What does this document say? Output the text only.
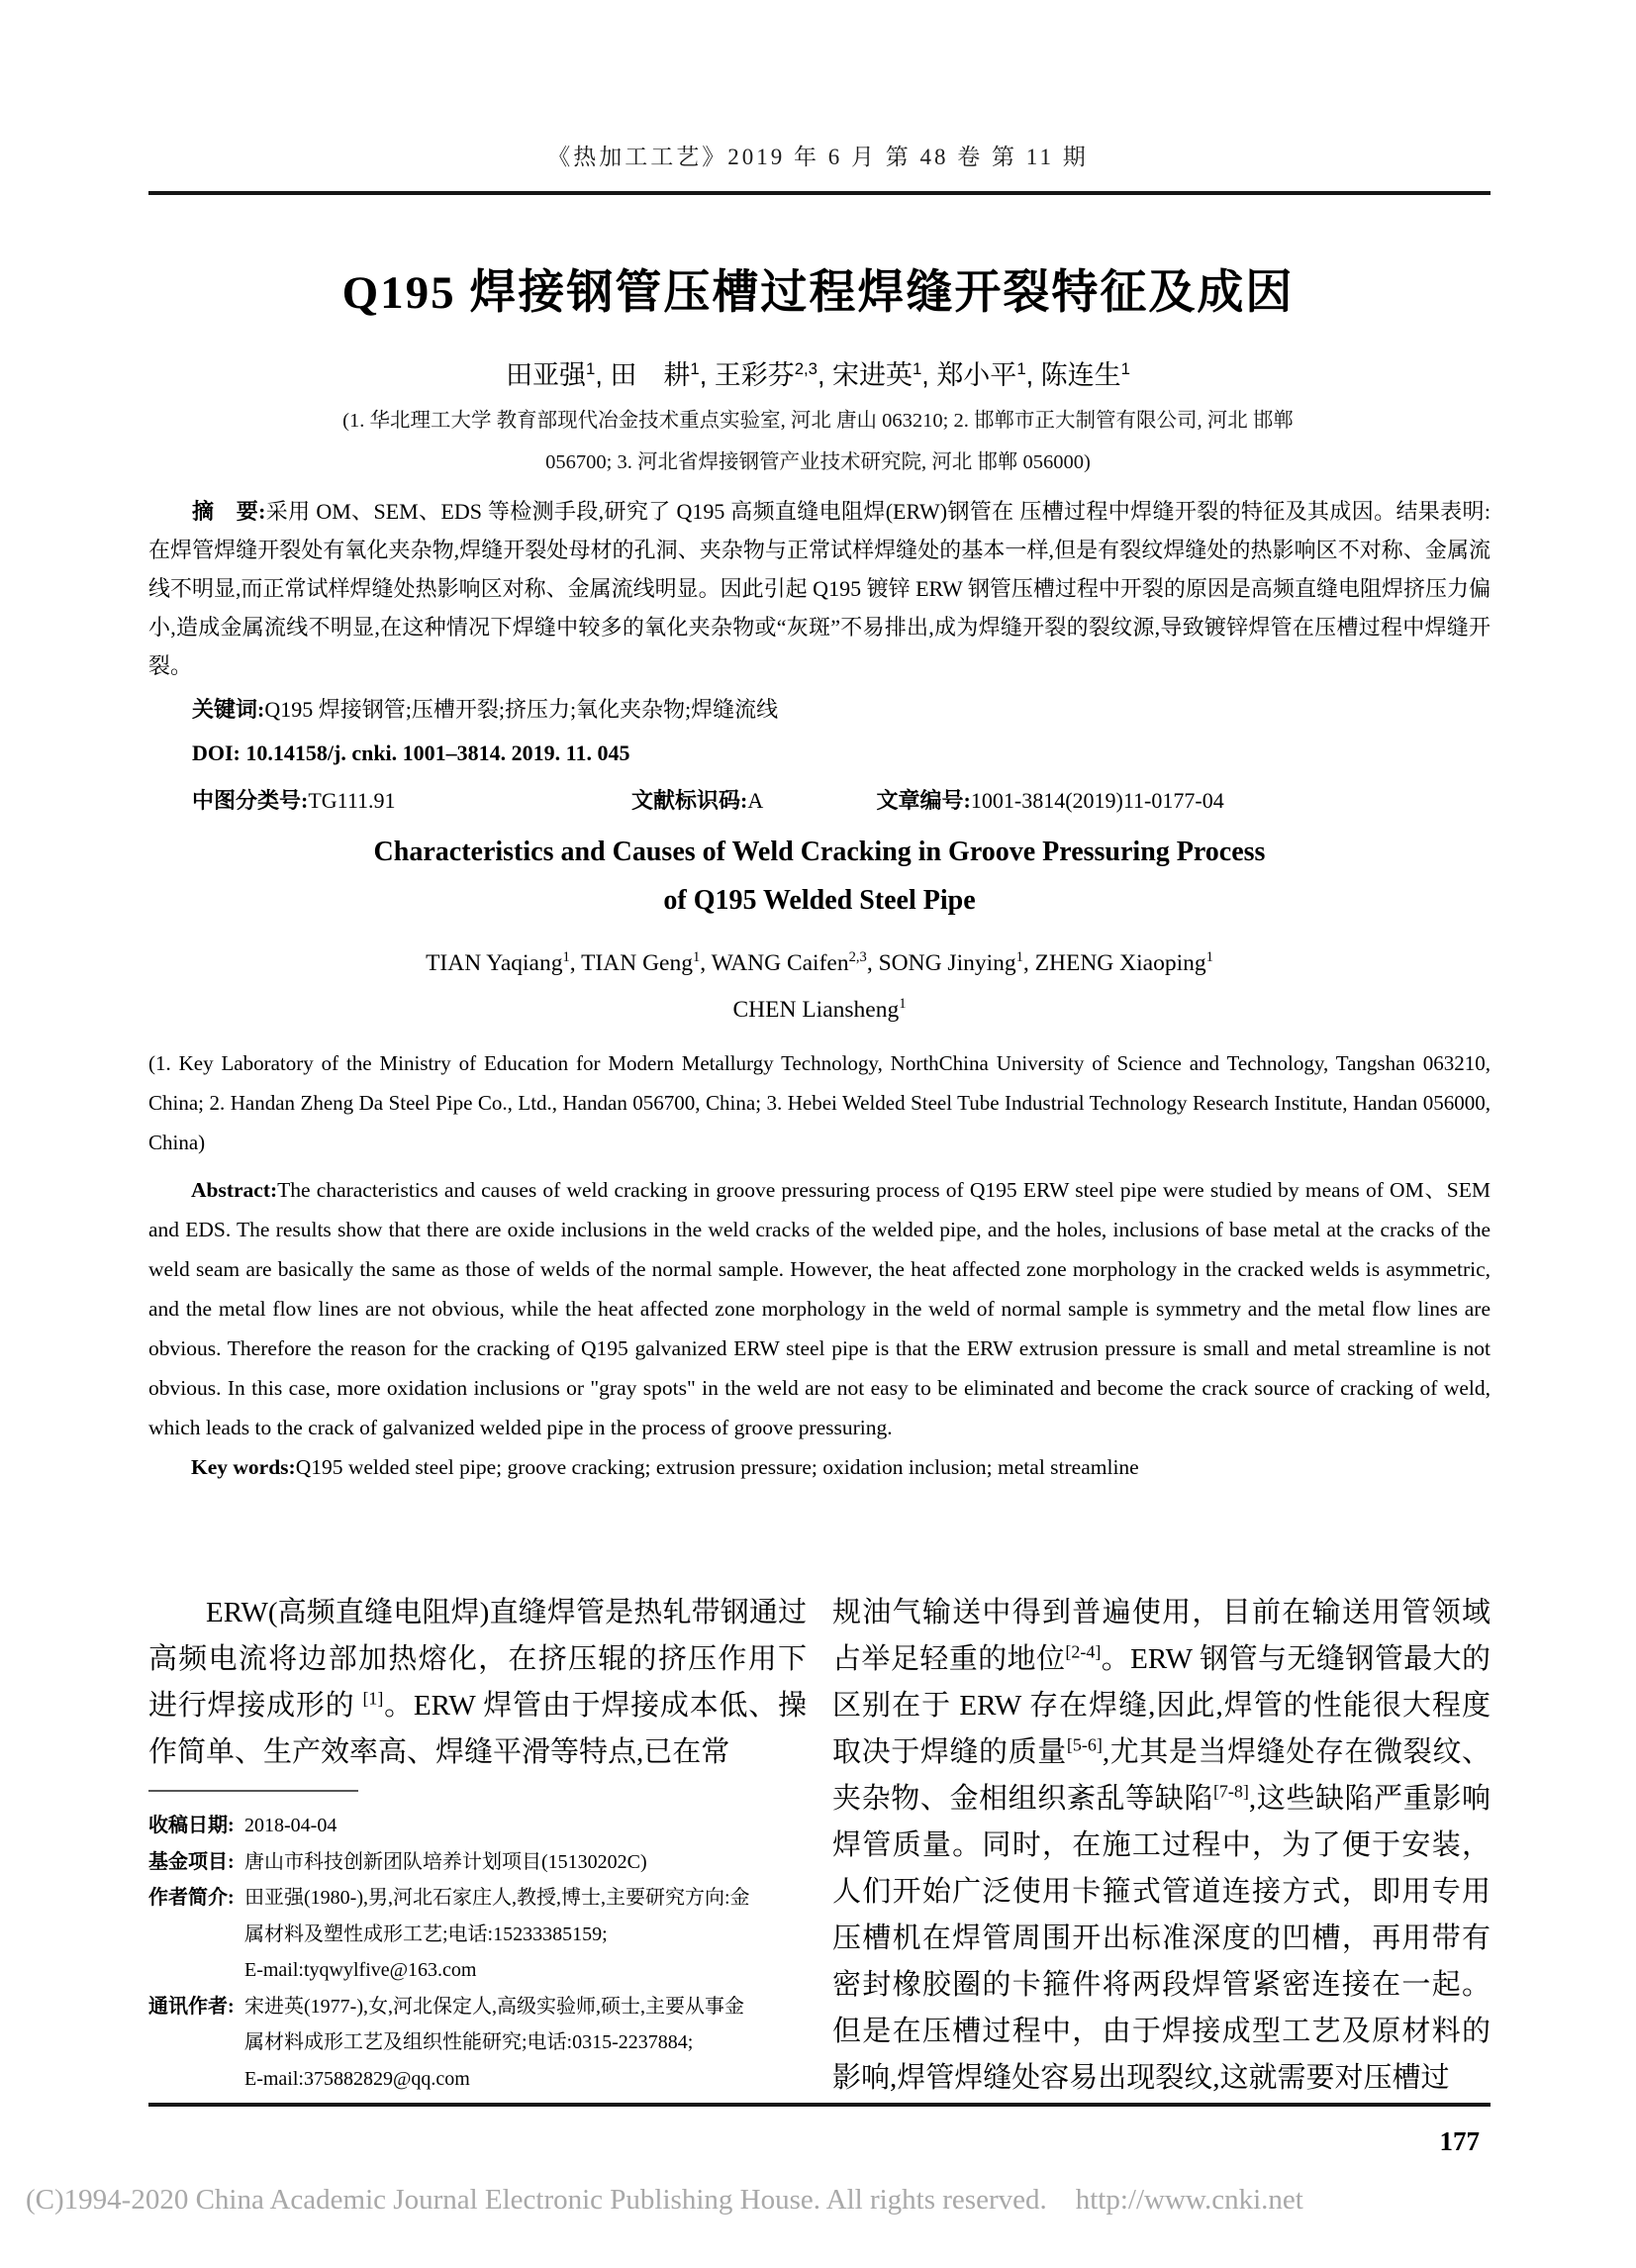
《热加工工艺》2019 年 6 月 第 48 卷 第 11 期
Q195 焊接钢管压槽过程焊缝开裂特征及成因
田亚强$^1$, 田　耕$^1$, 王彩芬$^{2,3}$, 宋进英$^1$, 郑小平$^1$, 陈连生$^1$
(1. 华北理工大学 教育部现代冶金技术重点实验室, 河北 唐山 063210; 2. 邯郸市正大制管有限公司, 河北 邯郸
056700; 3. 河北省焊接钢管产业技术研究院, 河北 邯郸 056000)

摘　要:采用 OM、SEM、EDS 等检测手段,研究了 Q195 高频直缝电阻焊(ERW)钢管在 压槽过程中焊缝开裂的特征及其成因。结果表明:在焊管焊缝开裂处有氧化夹杂物,焊缝开裂处母材的孔洞、夹杂物与正常试样焊缝处的基本一样,但是有裂纹焊缝处的热影响区不对称、金属流线不明显,而正常试样焊缝处热影响区对称、金属流线明显。因此引起 Q195 镀锌 ERW 钢管压槽过程中开裂的原因是高频直缝电阻焊挤压力偏小,造成金属流线不明显,在这种情况下焊缝中较多的氧化夹杂物或“灰斑”不易排出,成为焊缝开裂的裂纹源,导致镀锌焊管在压槽过程中焊缝开裂。

关键词:Q195 焊接钢管;压槽开裂;挤压力;氧化夹杂物;焊缝流线

DOI: 10.14158/j. cnki. 1001–3814. 2019. 11. 045

中图分类号:TG111.91	文献标识码:A	文章编号:1001-3814(2019)11-0177-04
Characteristics and Causes of Weld Cracking in Groove Pressuring Process
of Q195 Welded Steel Pipe
TIAN Yaqiang$^1$, TIAN Geng$^1$, WANG Caifen$^{2,3}$, SONG Jinying$^1$, ZHENG Xiaoping$^1$
CHEN Liansheng$^1$

(1. Key Laboratory of the Ministry of Education for Modern Metallurgy Technology, NorthChina University of Science and Technology, Tangshan 063210, China; 2. Handan Zheng Da Steel Pipe Co., Ltd., Handan 056700, China; 3. Hebei Welded Steel Tube Industrial Technology Research Institute, Handan 056000, China)

Abstract:The characteristics and causes of weld cracking in groove pressuring process of Q195 ERW steel pipe were studied by means of OM、SEM and EDS. The results show that there are oxide inclusions in the weld cracks of the welded pipe, and the holes, inclusions of base metal at the cracks of the weld seam are basically the same as those of welds of the normal sample. However, the heat affected zone morphology in the cracked welds is asymmetric, and the metal flow lines are not obvious, while the heat affected zone morphology in the weld of normal sample is symmetry and the metal flow lines are obvious. Therefore the reason for the cracking of Q195 galvanized ERW steel pipe is that the ERW extrusion pressure is small and metal streamline is not obvious. In this case, more oxidation inclusions or "gray spots" in the weld are not easy to be eliminated and become the crack source of cracking of weld, which leads to the crack of galvanized welded pipe in the process of groove pressuring.

Key words:Q195 welded steel pipe; groove cracking; extrusion pressure; oxidation inclusion; metal streamline

ERW(高频直缝电阻焊)直缝焊管是热轧带钢通过高频电流将边部加热熔化，在挤压辊的挤压作用下进行焊接成形的 [1]。ERW 焊管由于焊接成本低、操作简单、生产效率高、焊缝平滑等特点,已在常

收稿日期: 2018-04-04
基金项目: 唐山市科技创新团队培养计划项目(15130202C)
作者简介: 田亚强(1980-),男,河北石家庄人,教授,博士,主要研究方向:金
属材料及塑性成形工艺;电话:15233385159;
E-mail:tyqwylfive@163.com
通讯作者: 宋进英(1977-),女,河北保定人,高级实验师,硕士,主要从事金
属材料成形工艺及组织性能研究;电话:0315-2237884;
E-mail:375882829@qq.com

规油气输送中得到普遍使用，目前在输送用管领域占举足轻重的地位[2-4]。ERW 钢管与无缝钢管最大的区别在于 ERW 存在焊缝,因此,焊管的性能很大程度取决于焊缝的质量[5-6],尤其是当焊缝处存在微裂纹、夹杂物、金相组织紊乱等缺陷[7-8],这些缺陷严重影响焊管质量。同时，在施工过程中，为了便于安装，人们开始广泛使用卡箍式管道连接方式，即用专用压槽机在焊管周围开出标准深度的凹槽，再用带有密封橡胶圈的卡箍件将两段焊管紧密连接在一起。但是在压槽过程中，由于焊接成型工艺及原材料的影响,焊管焊缝处容易出现裂纹,这就需要对压槽过

177
(C)1994-2020 China Academic Journal Electronic Publishing House. All rights reserved.    http://www.cnki.net
